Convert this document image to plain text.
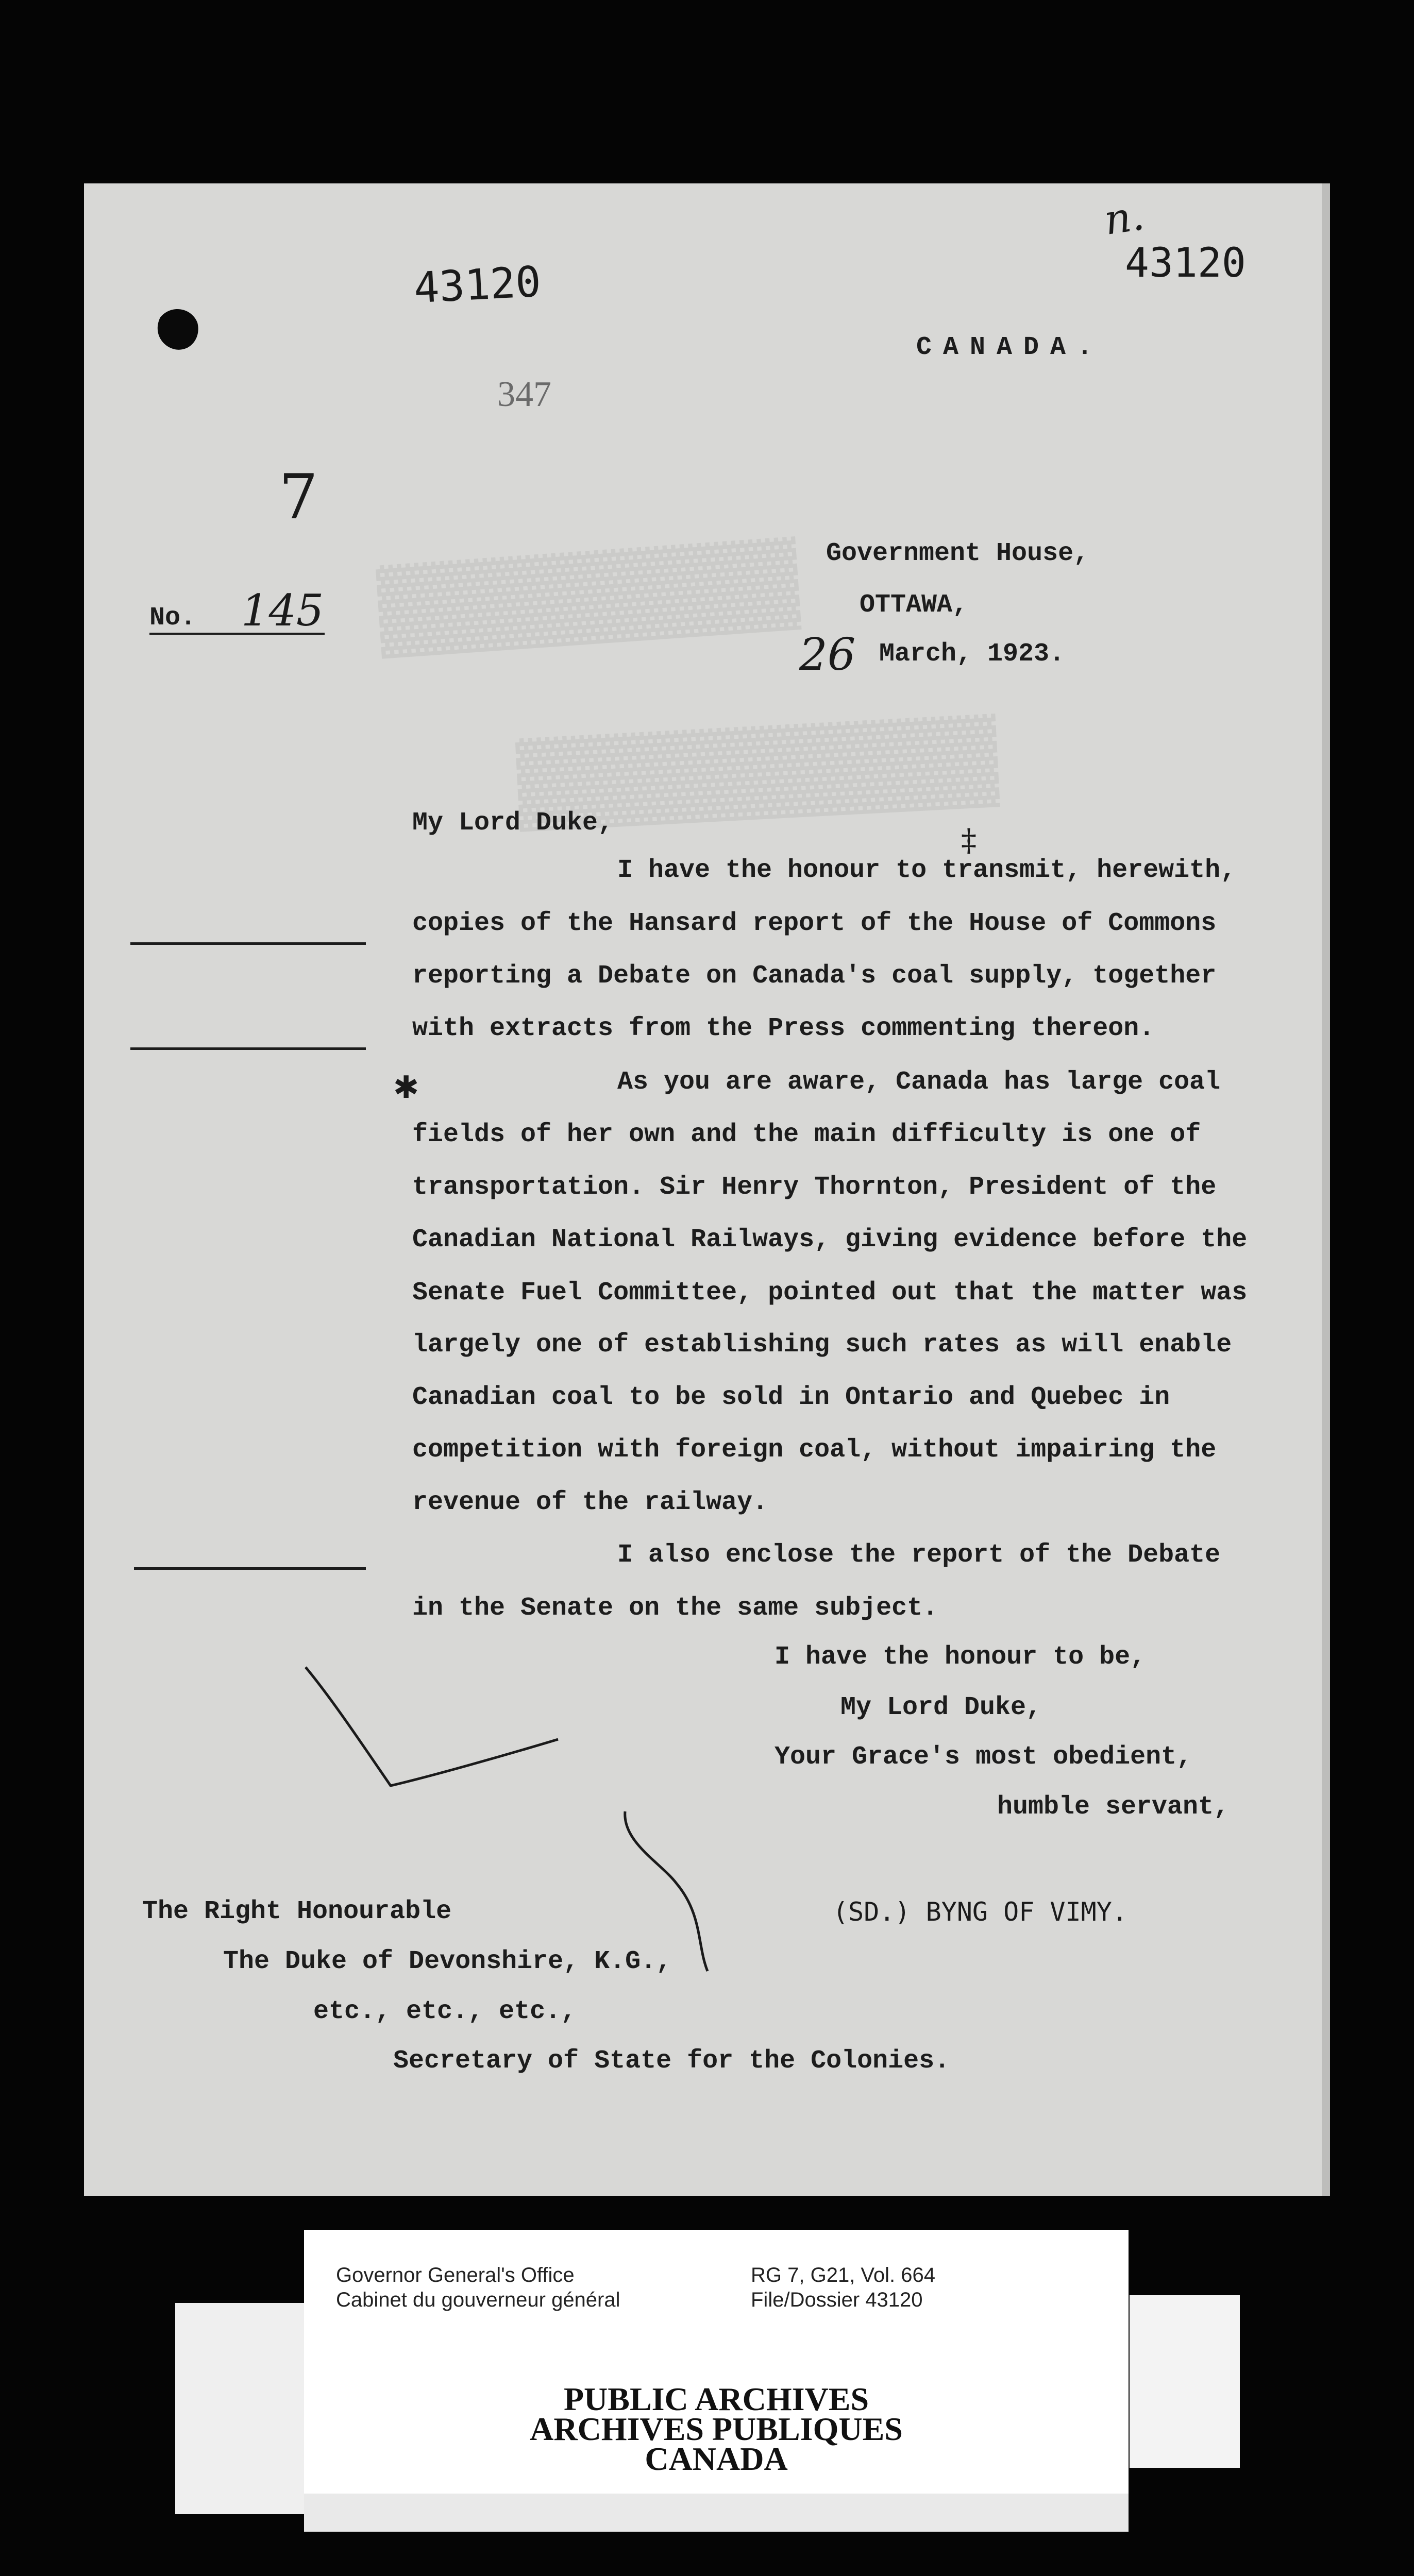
▓▓▓▓▓▓▓
▓▓▓▓▓▓▓▓
43120
n.
43120
347
7
CANADA.
Government House,
OTTAWA,
26 March, 1923.
No. 145
My Lord Duke,	‡
✱
I have the honour to transmit, herewith,
copies of the Hansard report of the House of Commons
reporting a Debate on Canada's coal supply, together
with extracts from the Press commenting thereon.
As you are aware, Canada has large coal
fields of her own and the main difficulty is one of
transportation. Sir Henry Thornton, President of the
Canadian National Railways, giving evidence before the
Senate Fuel Committee, pointed out that the matter was
largely one of establishing such rates as will enable
Canadian coal to be sold in Ontario and Quebec in
competition with foreign coal, without impairing the
revenue of the railway.
I also enclose the report of the Debate
in the Senate on the same subject.
I have the honour to be,
My Lord Duke,
Your Grace's most obedient,
humble servant,
(SD.) BYNG OF VIMY.
The Right Honourable
The Duke of Devonshire, K.G.,
etc., etc., etc.,
Secretary of State for the Colonies.
Governor General's Office
Cabinet du gouverneur général
RG 7, G21, Vol. 664
File/Dossier 43120
PUBLIC ARCHIVES
ARCHIVES PUBLIQUES
CANADA
